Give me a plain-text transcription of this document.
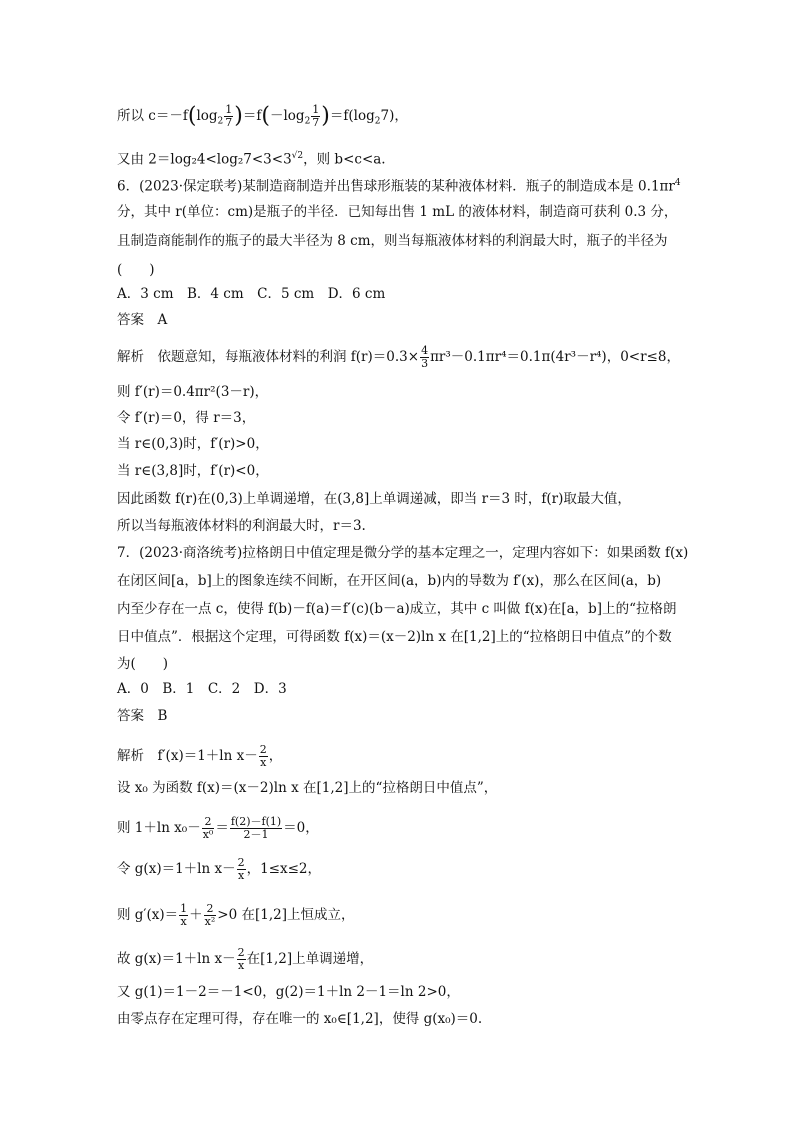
所以 $c=-f(\log_2 \frac{1}{7} )=f(-\log_2 \frac{1}{7} )=f(\log_27)$，
又由 $2=\log_24<\log_27<3<3^{√2}$，则 b<c<a.
6．(2023·保定联考)某制造商制造并出售球形瓶装的某种液体材料．瓶子的制造成本是 $0.1\pi r^4$
分，其中 r(单位：cm)是瓶子的半径．已知每出售 1 mL 的液体材料，制造商可获利 0.3 分，
且制造商能制作的瓶子的最大半径为 8 cm，则当每瓶液体材料的利润最大时，瓶子的半径为
(　　)
A．3 cm　B．4 cm　C．5 cm　D．6 cm
答案　A
解析　依题意知，每瓶液体材料的利润 $f(r)=0.3\times \frac{4}{3} \pi r^3-0.1\pi r^4=0.1\pi(4r^3-r^4)$，0<r≤8，
则 f′(r)＝0.4πr²(3－r)，
令 f′(r)＝0，得 r＝3，
当 r∈(0,3)时，f′(r)>0，
当 r∈(3,8]时，f′(r)<0，
因此函数 f(r)在(0,3)上单调递增，在(3,8]上单调递减，即当 r＝3 时，f(r)取最大值，
所以当每瓶液体材料的利润最大时，r＝3.
7．(2023·商洛统考)拉格朗日中值定理是微分学的基本定理之一，定理内容如下：如果函数 f(x)
在闭区间[a，b]上的图象连续不间断，在开区间(a，b)内的导数为 f′(x)，那么在区间(a，b)
内至少存在一点 c，使得 f(b)－f(a)＝f′(c)(b－a)成立，其中 c 叫做 f(x)在[a，b]上的“拉格朗
日中值点”．根据这个定理，可得函数 f(x)＝(x－2)ln x 在[1,2]上的“拉格朗日中值点”的个数
为(　　)
A．0　B．1　C．2　D．3
答案　B
解析　f′(x)＝1＋ln $x- \frac{2}{x}$ ，
设 x₀ 为函数 f(x)＝(x－2)ln x 在[1,2]上的“拉格朗日中值点”，
则 1＋ln $x_0- \frac{2}{\text{x⁰}} = \frac{f(2)-f(1)}{2-1} =0$，
令 g(x)＝1＋ln $x- \frac{2}{x}$ ，1≤x≤2，
则 $g'(x)= \frac{1}{x} + \frac{2}{\text{x²}} >0$ 在[1,2]上恒成立，
故 g(x)＝1＋ln $x- \frac{2}{x}$ 在[1,2]上单调递增，
又 g(1)＝1－2＝－1<0，g(2)＝1＋ln 2－1＝ln 2>0，
由零点存在定理可得，存在唯一的 x₀∈[1,2]，使得 g(x₀)＝0.
